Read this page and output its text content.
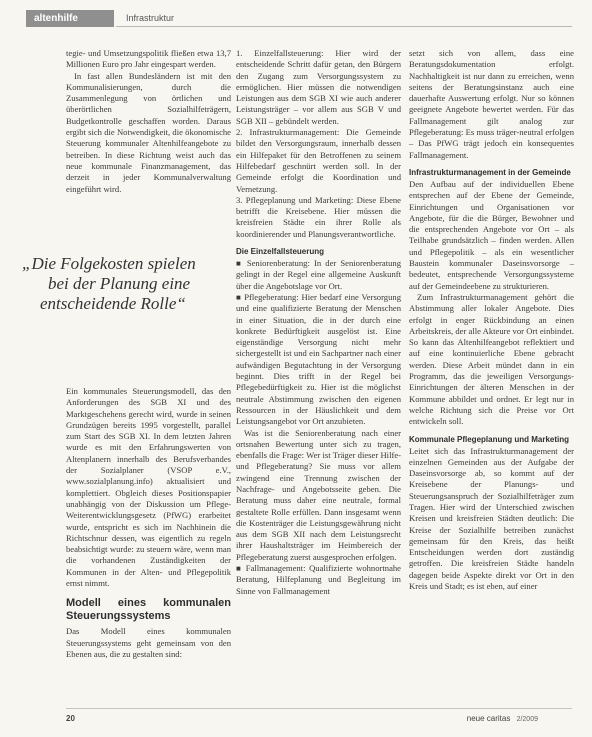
altenhilfe	Infrastruktur

tegie- und Umsetzungspolitik fließen etwa 13,7 Millionen Euro pro Jahr eingespart werden.

In fast allen Bundesländern ist mit den Kommunalisierungen, durch die Zusammenlegung von örtlichen und überörtlichen Sozialhilfeträgern, Budgetkontrolle geschaffen worden. Daraus ergibt sich die Notwendigkeit, die ökonomische Steuerung kommunaler Altenhilfeangebote zu betreiben. In diese Richtung weist auch das neue kommunale Finanzmanagement, das derzeit in jeder Kommunalverwaltung eingeführt wird.

„Die Folgekosten spielen
bei der Planung eine
entscheidende Rolle“

Ein kommunales Steuerungsmodell, das den Anforderungen des SGB XI und des Marktgeschehens gerecht wird, wurde in seinen Grundzügen bereits 1995 vorgestellt, parallel zum Start des SGB XI. In dem letzten Jahren wurde es mit den Erfahrungswerten von Altenplanern innerhalb des Berufsverbandes der Sozialplaner (VSOP e.V., www.sozialplanung.info) aktualisiert und komplettiert. Obgleich dieses Positionspapier unabhängig von der Diskussion um Pflege-Weiterentwicklungsgesetz (PfWG) erarbeitet wurde, entspricht es sich im Nachhinein die Richtschnur dessen, was eigentlich zu regeln beabsichtigt wurde: zu steuern wäre, wenn man die vorhandenen Zuständigkeiten der Kommunen in der Alten- und Pflegepolitik ernst nimmt.

Modell eines kommunalen Steuerungssystems

Das Modell eines kommunalen Steuerungssystems geht gemeinsam von den Ebenen aus, die zu gestalten sind:

1. Einzelfallsteuerung: Hier wird der entscheidende Schritt dafür getan, den Bürgern den Zugang zum Versorgungssystem zu ermöglichen. Hier müssen die notwendigen Leistungen aus dem SGB XI wie auch anderer Leistungsträger – vor allem aus SGB V und SGB XII – gebündelt werden.

2. Infrastrukturmanagement: Die Gemeinde bildet den Versorgungsraum, innerhalb dessen ein Hilfepaket für den Betroffenen zu seinem Hilfebedarf geschnürt werden soll. In der Gemeinde erfolgt die Koordination und Vernetzung.

3. Pflegeplanung und Marketing: Diese Ebene betrifft die Kreisebene. Hier müssen die kreisfreien Städte ein ihrer Rolle als koordinierender und Planungsverantwortliche.

Die Einzelfallsteuerung

■ Seniorenberatung: In der Seniorenberatung gelingt in der Regel eine allgemeine Auskunft über die Angebotslage vor Ort.

■ Pflegeberatung: Hier bedarf eine Versorgung und eine qualifizierte Beratung der Menschen in einer Situation, die in der durch eine konkrete Bedürftigkeit ausgelöst ist. Eine eigenständige Versorgung nicht mehr sichergestellt ist und ein Sachpartner nach einer aufwändigen Begutachtung in der Versorgung beginnt. Dies trifft in der Regel bei Pflegebedürftigkeit zu. Hier ist die möglichst neutrale Abstimmung zwischen den eigenen Ressourcen in der Häuslichkeit und dem Leistungsangebot vor Ort anzubieten.

Was ist die Seniorenberatung nach einer ortsnahen Bewertung unter sich zu tragen, ebenfalls die Frage: Wer ist Träger dieser Hilfe- und Pflegeberatung? Sie muss vor allem zwingend eine Trennung zwischen der Nachfrage- und Angebotsseite geben. Die Beratung muss daher eine neutrale, formal gestaltete Rolle erfüllen. Dann insgesamt wenn die Kostenträger die Leistungsgewährung nicht aus dem SGB XII nach dem Leistungsrecht ihrer Haushaltsträger im Heimbereich der Pflegeberatung zuerst ausgesprochen erfolgen.

■ Fallmanagement: Qualifizierte wohnortnahe Beratung, Hilfeplanung und Begleitung im Sinne von Fallmanagement

setzt sich von allem, dass eine Beratungsdokumentation erfolgt. Nachhaltigkeit ist nur dann zu erreichen, wenn seitens der Beratungsinstanz auch eine dauerhafte Auswertung erfolgt. Nur so können geeignete Angebote bewertet werden. Für das Fallmanagement gilt analog zur Pflegeberatung: Es muss träger-neutral erfolgen – Das PfWG trägt jedoch ein konsequentes Fallmanagement.

Infrastrukturmanagement in der Gemeinde

Den Aufbau auf der individuellen Ebene entsprechen auf der Ebene der Gemeinde, Einrichtungen und Organisationen vor Angebote, für die die Bürger, Bewohner und die entsprechenden Angebote vor Ort – als Teilhabe grundsätzlich – finden werden. Allen und Pflegepolitik – als ein wesentlicher Baustein kommunaler Daseinsvorsorge – bedeutet, entsprechende Versorgungssysteme auf der Gemeindeebene zu strukturieren.

Zum Infrastrukturmanagement gehört die Abstimmung aller lokaler Angebote. Dies erfolgt in enger Rückbindung an einen Arbeitskreis, der alle Akteure vor Ort einbindet. So kann das Altenhilfeangebot reflektiert und auf eine kontinuierliche Ebene gebracht werden. Diese Arbeit mündet dann in ein Programm, das die jeweiligen Versorgungs-Einrichtungen der älteren Menschen in der Kommune abbildet und ordnet. Er legt nur in welche Richtung sich die Preise vor Ort entwickeln soll.

Kommunale Pflegeplanung und Marketing

Leitet sich das Infrastrukturmanagement der einzelnen Gemeinden aus der Aufgabe der Daseinsvorsorge ab, so kommt auf der Kreisebene der Planungs- und Steuerungsanspruch der Sozialhilfeträger zum Tragen. Hier wird der Unterschied zwischen Kreisen und kreisfreien Städten deutlich: Die Kreise der Sozialhilfe betreiben zunächst gemeinsam für den Kreis, das heißt Entscheidungen werden dort zuständig getroffen. Die kreisfreien Städte handeln dagegen beide Aspekte direkt vor Ort in den Kreis und Stadt; es ist eben, auf einer

20	neue caritas 2/2009
